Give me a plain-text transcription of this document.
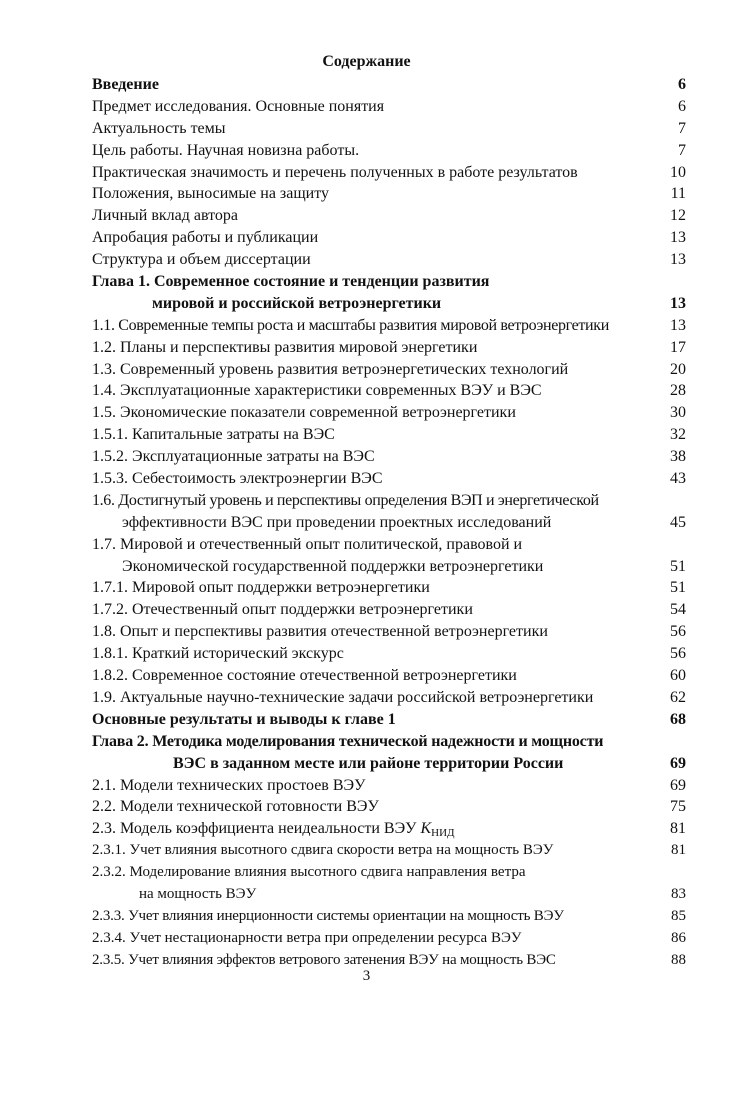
Содержание
Введение	6
Предмет исследования. Основные понятия	6
Актуальность темы	7
Цель работы. Научная новизна работы.	7
Практическая значимость и перечень полученных в работе результатов	10
Положения, выносимые на защиту	11
Личный вклад автора	12
Апробация работы и публикации	13
Структура и объем диссертации	13
Глава 1. Современное состояние и тенденции развития
мировой и российской ветроэнергетики	13
1.1. Современные темпы роста и масштабы развития мировой ветроэнергетики	13
1.2. Планы и перспективы развития мировой энергетики	17
1.3. Современный уровень развития ветроэнергетических технологий	20
1.4. Эксплуатационные характеристики современных ВЭУ и ВЭС	28
1.5. Экономические показатели современной ветроэнергетики	30
1.5.1. Капитальные затраты на ВЭС	32
1.5.2. Эксплуатационные затраты на ВЭС	38
1.5.3. Себестоимость электроэнергии ВЭС	43
1.6. Достигнутый уровень и перспективы определения ВЭП и энергетической
эффективности ВЭС при проведении проектных исследований	45
1.7. Мировой и отечественный опыт политической, правовой и
Экономической государственной поддержки ветроэнергетики	51
1.7.1. Мировой опыт поддержки ветроэнергетики	51
1.7.2. Отечественный опыт поддержки ветроэнергетики	54
1.8. Опыт и перспективы развития отечественной ветроэнергетики	56
1.8.1. Краткий исторический экскурс	56
1.8.2. Современное состояние отечественной ветроэнергетики	60
1.9. Актуальные научно-технические задачи российской ветроэнергетики	62
Основные результаты и выводы к главе 1	68
Глава 2. Методика моделирования технической надежности и мощности
ВЭС в заданном месте или районе территории России	69
2.1. Модели технических простоев ВЭУ	69
2.2. Модели технической готовности ВЭУ	75
2.3. Модель коэффициента неидеальности ВЭУ KНИД	81
2.3.1. Учет влияния высотного сдвига скорости ветра на мощность ВЭУ	81
2.3.2. Моделирование влияния высотного сдвига направления ветра
на мощность ВЭУ	83
2.3.3. Учет влияния инерционности системы ориентации на мощность ВЭУ	85
2.3.4. Учет нестационарности ветра при определении ресурса ВЭУ	86
2.3.5. Учет влияния эффектов ветрового затенения ВЭУ на мощность ВЭС	88
3
